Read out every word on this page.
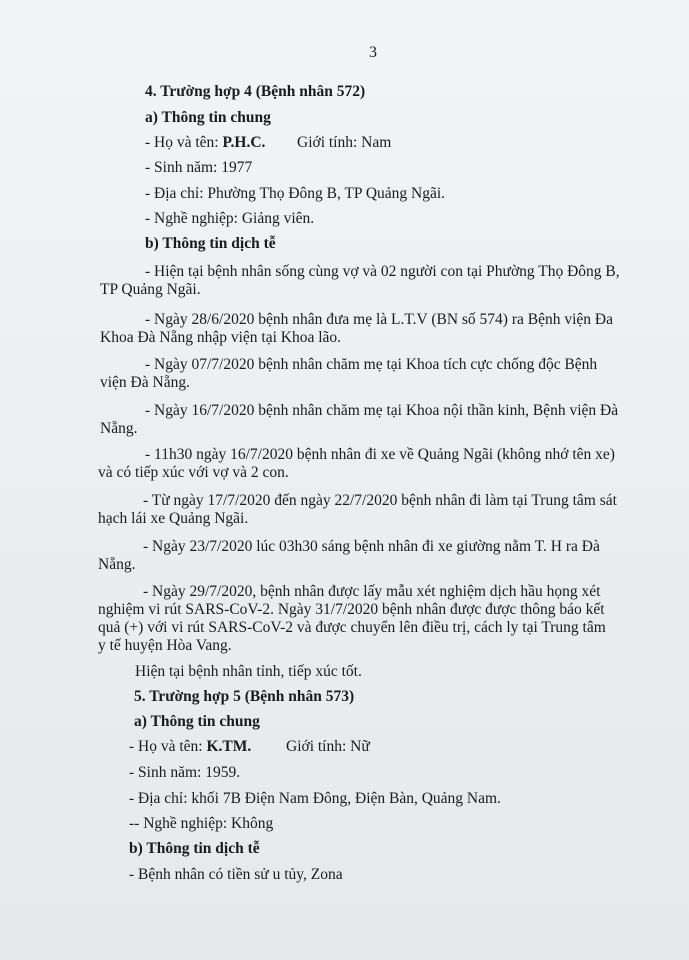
3
4. Trường hợp 4 (Bệnh nhân 572)
a) Thông tin chung
- Họ và tên: P.H.C. Giới tính: Nam
- Sinh năm: 1977
- Địa chỉ: Phường Thọ Đông B, TP Quảng Ngãi.
- Nghề nghiệp: Giảng viên.
b) Thông tin dịch tễ
- Hiện tại bệnh nhân sống cùng vợ và 02 người con tại Phường Thọ Đông B,
TP Quảng Ngãi.
- Ngày 28/6/2020 bệnh nhân đưa mẹ là L.T.V (BN số 574) ra Bệnh viện Đa
Khoa Đà Nẵng nhập viện tại Khoa lão.
- Ngày 07/7/2020 bệnh nhân chăm mẹ tại Khoa tích cực chống độc Bệnh
viện Đà Nẵng.
- Ngày 16/7/2020 bệnh nhân chăm mẹ tại Khoa nội thần kinh, Bệnh viện Đà
Nẵng.
- 11h30 ngày 16/7/2020 bệnh nhân đi xe về Quảng Ngãi (không nhớ tên xe)
và có tiếp xúc với vợ và 2 con.
- Từ ngày 17/7/2020 đến ngày 22/7/2020 bệnh nhân đi làm tại Trung tâm sát
hạch lái xe Quảng Ngãi.
- Ngày 23/7/2020 lúc 03h30 sáng bệnh nhân đi xe giường nằm T. H ra Đà
Nẵng.
- Ngày 29/7/2020, bệnh nhân được lấy mẫu xét nghiệm dịch hầu họng xét
nghiệm vi rút SARS-CoV-2. Ngày 31/7/2020 bệnh nhân được được thông báo kết
quả (+) với vi rút SARS-CoV-2 và được chuyển lên điều trị, cách ly tại Trung tâm
y tế huyện Hòa Vang.
Hiện tại bệnh nhân tỉnh, tiếp xúc tốt.
5. Trường hợp 5 (Bệnh nhân 573)
a) Thông tin chung
- Họ và tên: K.TM. Giới tính: Nữ
- Sinh năm: 1959.
- Địa chỉ: khối 7B Điện Nam Đông, Điện Bàn, Quảng Nam.
-- Nghề nghiệp: Không
b) Thông tin dịch tễ
- Bệnh nhân có tiền sử u tủy, Zona
